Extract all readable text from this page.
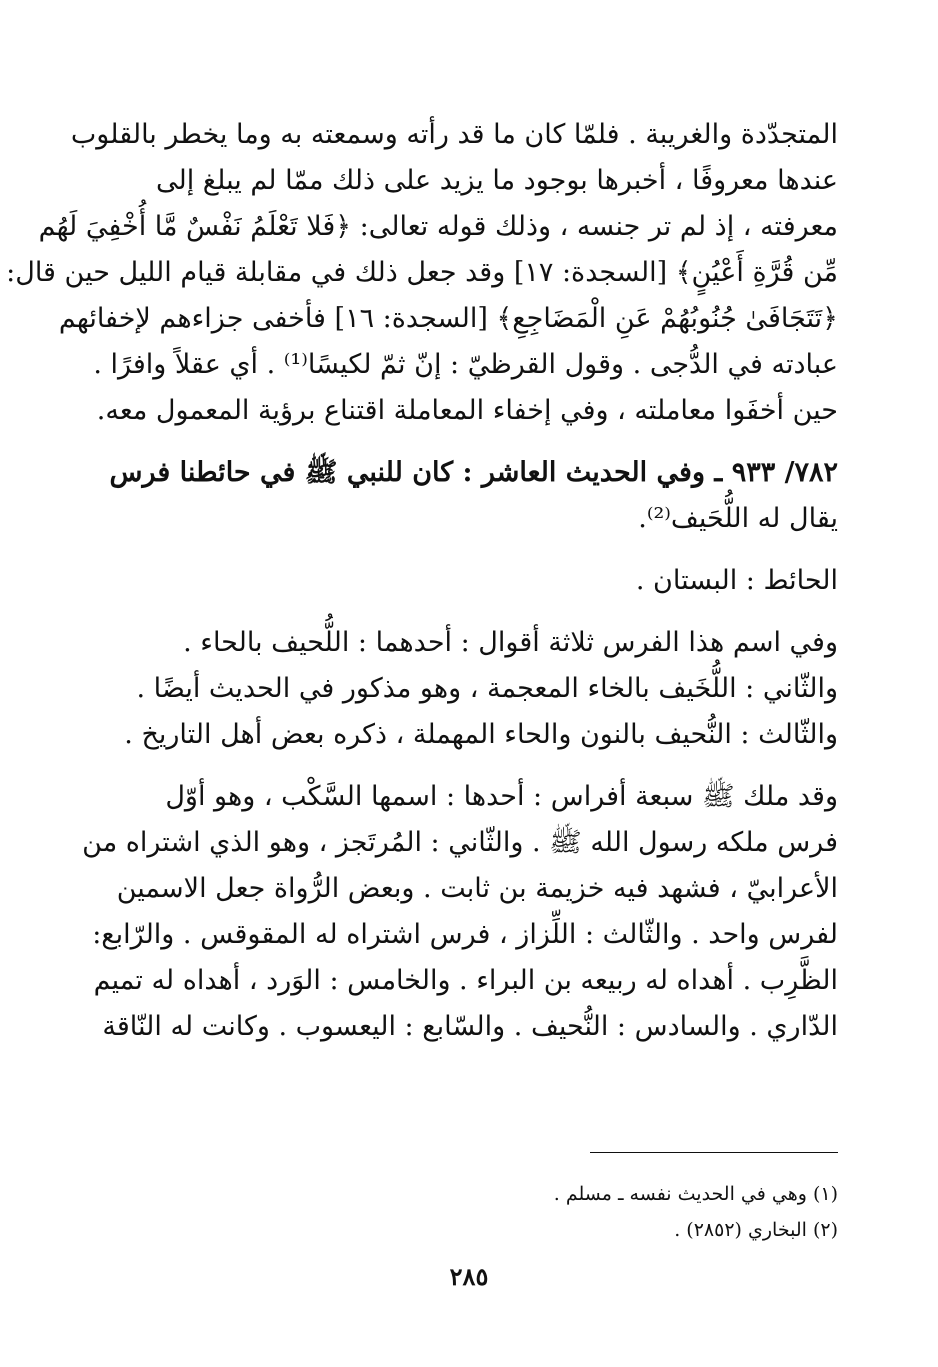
المتجدّدة والغريبة . فلمّا كان ما قد رأته وسمعته به وما يخطر بالقلوب
عندها معروفًا ، أخبرها بوجود ما يزيد على ذلك ممّا لم يبلغ إلى
معرفته ، إذ لم تر جنسه ، وذلك قوله تعالى: ﴿فَلا تَعْلَمُ نَفْسٌ مَّا أُخْفِيَ لَهُم
مِّن قُرَّةِ أَعْيُنٍ﴾ [السجدة: ١٧] وقد جعل ذلك في مقابلة قيام الليل حين قال:
﴿تَتَجَافَىٰ جُنُوبُهُمْ عَنِ الْمَضَاجِعِ﴾ [السجدة: ١٦] فأخفى جزاءهم لإخفائهم
عبادته في الدُّجى . وقول القرظيّ : إنّ ثمّ لكيسًا⁽¹⁾ . أي عقلاً وافرًا .
حين أخفَوا معاملته ، وفي إخفاء المعاملة اقتناع برؤية المعمول معه.
٧٨٢/ ٩٣٣ ـ وفي الحديث العاشر : كان للنبي ﷺ في حائطنا فرس
يقال له اللُّحَيف⁽²⁾.
الحائط : البستان .
وفي اسم هذا الفرس ثلاثة أقوال : أحدهما : اللُّحيف بالحاء .
والثّاني : اللُّخَيف بالخاء المعجمة ، وهو مذكور في الحديث أيضًا .
والثّالث : النُّحيف بالنون والحاء المهملة ، ذكره بعض أهل التاريخ .
وقد ملك ﷺ سبعة أفراس : أحدها : اسمها السَّكْب ، وهو أوّل
فرس ملكه رسول الله ﷺ . والثّاني : المُرتَجز ، وهو الذي اشتراه من
الأعرابيّ ، فشهد فيه خزيمة بن ثابت . وبعض الرُّواة جعل الاسمين
لفرس واحد . والثّالث : اللِّزاز ، فرس اشتراه له المقوقس . والرّابع:
الظَّرِب . أهداه له ربيعه بن البراء . والخامس : الوَرد ، أهداه له تميم
الدّاري . والسادس : النُّحيف . والسّابع : اليعسوب . وكانت له النّاقة
(١) وهي في الحديث نفسه ـ مسلم .
(٢) البخاري (٢٨٥٢) .
٢٨٥
